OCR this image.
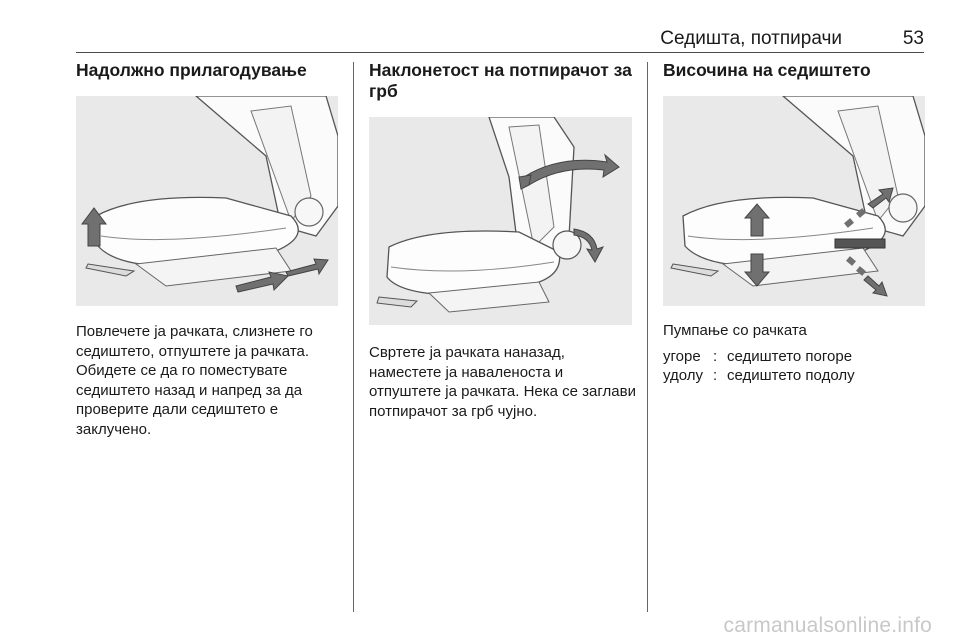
Седишта, потпирачи	53
Надолжно прилагодување

Повлечете ја рачката, слизнете го седиштето, отпуштете ја рачката.

Обидете се да го поместувате седиштето назад и напред за да проверите дали седиштето е заклучено.

Наклонетост на потпирачот за грб

Свртете ја рачката наназад, наместете ја навaленоста и отпуштете ја рачката. Нека се заглави потпирачот за грб чујно.

Височина на седиштето

Пумпање со рачката

угоре : седиштето погоре
удолу : седиштето подолу
carmanualsonline.info
